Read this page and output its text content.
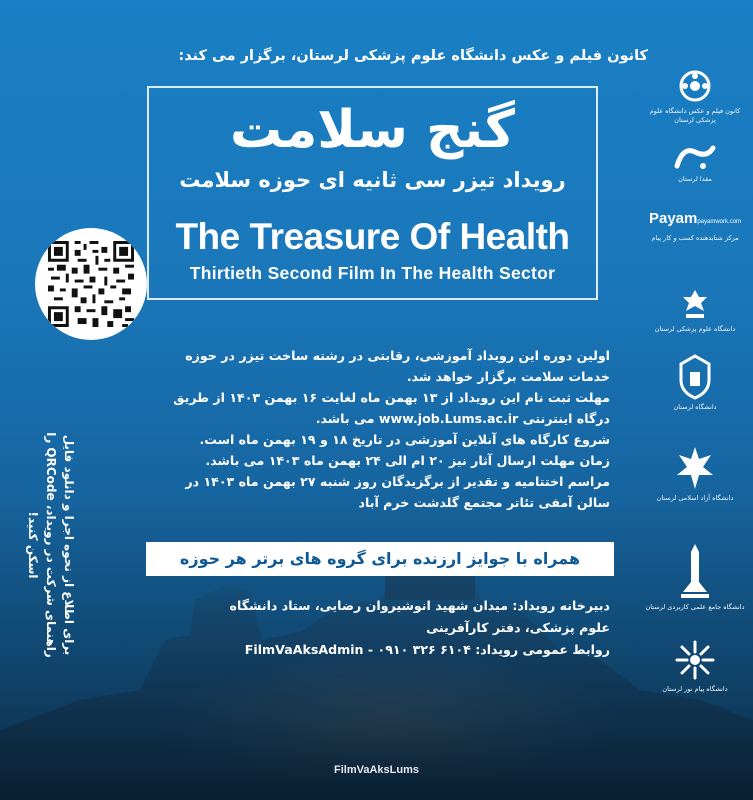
کانون فیلم و عکس دانشگاه علوم پزشکی لرستان، برگزار می کند:
گنج سلامت
رویداد تیزر سی ثانیه ای حوزه سلامت
The Treasure Of Health
Thirtieth Second Film In The Health Sector
برای اطلاع از نحوه اجرا و دانلود فایل
راهنمای شرکت در رویداد، QRCode را اسکن کنید!
کانون فیلم و عکس دانشگاه علوم پزشکی لرستان
مقدا لرستان
Payampayamwork.com
مرکز شتابدهنده کسب و کار پیام
دانشگاه علوم پزشکی لرستان
دانشگاه لرستان
دانشگاه آزاد اسلامی لرستان
دانشگاه جامع علمی کاربردی لرستان
دانشگاه پیام نور لرستان

اولین دوره این رویداد آموزشی، رقابتی در رشته ساخت تیزر در حوزه خدمات سلامت برگزار خواهد شد.

مهلت ثبت نام این رویداد از ۱۳ بهمن ماه لغایت ۱۶ بهمن ۱۴۰۳ از طریق درگاه اینترنتی www.job.Lums.ac.ir می باشد.

شروع کارگاه های آنلاین آموزشی در تاریخ ۱۸ و ۱۹ بهمن ماه است.

زمان مهلت ارسال آثار نیز ۲۰ ام الی ۲۴ بهمن ماه ۱۴۰۳ می باشد.

مراسم اختتامیه و تقدیر از برگزیدگان روز شنبه ۲۷ بهمن ماه ۱۴۰۳ در سالن آمفی تئاتر مجتمع گلدشت خرم آباد

همراه با جوایز ارزنده برای گروه های برتر هر حوزه

دبیرخانه رویداد: میدان شهید انوشیروان رضایی، ستاد دانشگاه علوم پزشکی، دفتر کارآفرینی

روابط عمومی رویداد: FilmVaAksAdmin - ۰۹۱۰ ۳۲۶ ۶۱۰۴

FilmVaAksLums
